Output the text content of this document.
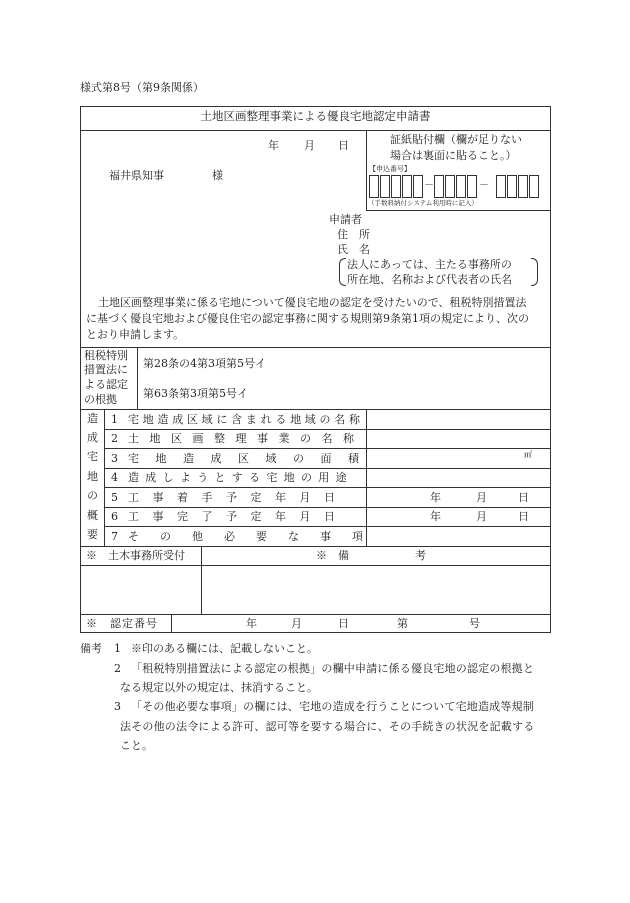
様式第8号（第9条関係）
土地区画整理事業による優良宅地認定申請書
年 月 日
福井県知事	様
証紙貼付欄（欄が足りない
場合は裏面に貼ること。）
【申込番号】
－	－
（手数料納付システム利用時に記入）
申請者
住　所
氏　名
法人にあっては、主たる事務所の
所在地、名称および代表者の氏名
土地区画整理事業に係る宅地について優良宅地の認定を受けたいので、租税特別措置法
に基づく優良宅地および優良住宅の認定事務に関する規則第9条第1項の規定により、次の
とおり申請します。
租税特別
措置法に
よる認定
の根拠
第28条の4第3項第5号イ
第63条第3項第5号イ
造
成
宅
地
の
概
要
1 宅地造成区域に含まれる地域の名称
2 土地区画整理事業の名称
3 宅地造成区域の面積	㎡
4 造成しようとする宅地の用途
5 工事着手予定年月日	年	月	日
6 工事完了予定年月日	年	月	日
7 その他必要な事項
※　土木事務所受付	※　備　　　　　　考
※　認定番号	年	月	日	第	号
備考 1 ※印のある欄には、記載しないこと。
2 「租税特別措置法による認定の根拠」の欄中申請に係る優良宅地の認定の根拠と
なる規定以外の規定は、抹消すること。
3 「その他必要な事項」の欄には、宅地の造成を行うことについて宅地造成等規制
法その他の法令による許可、認可等を要する場合に、その手続きの状況を記載する
こと。
